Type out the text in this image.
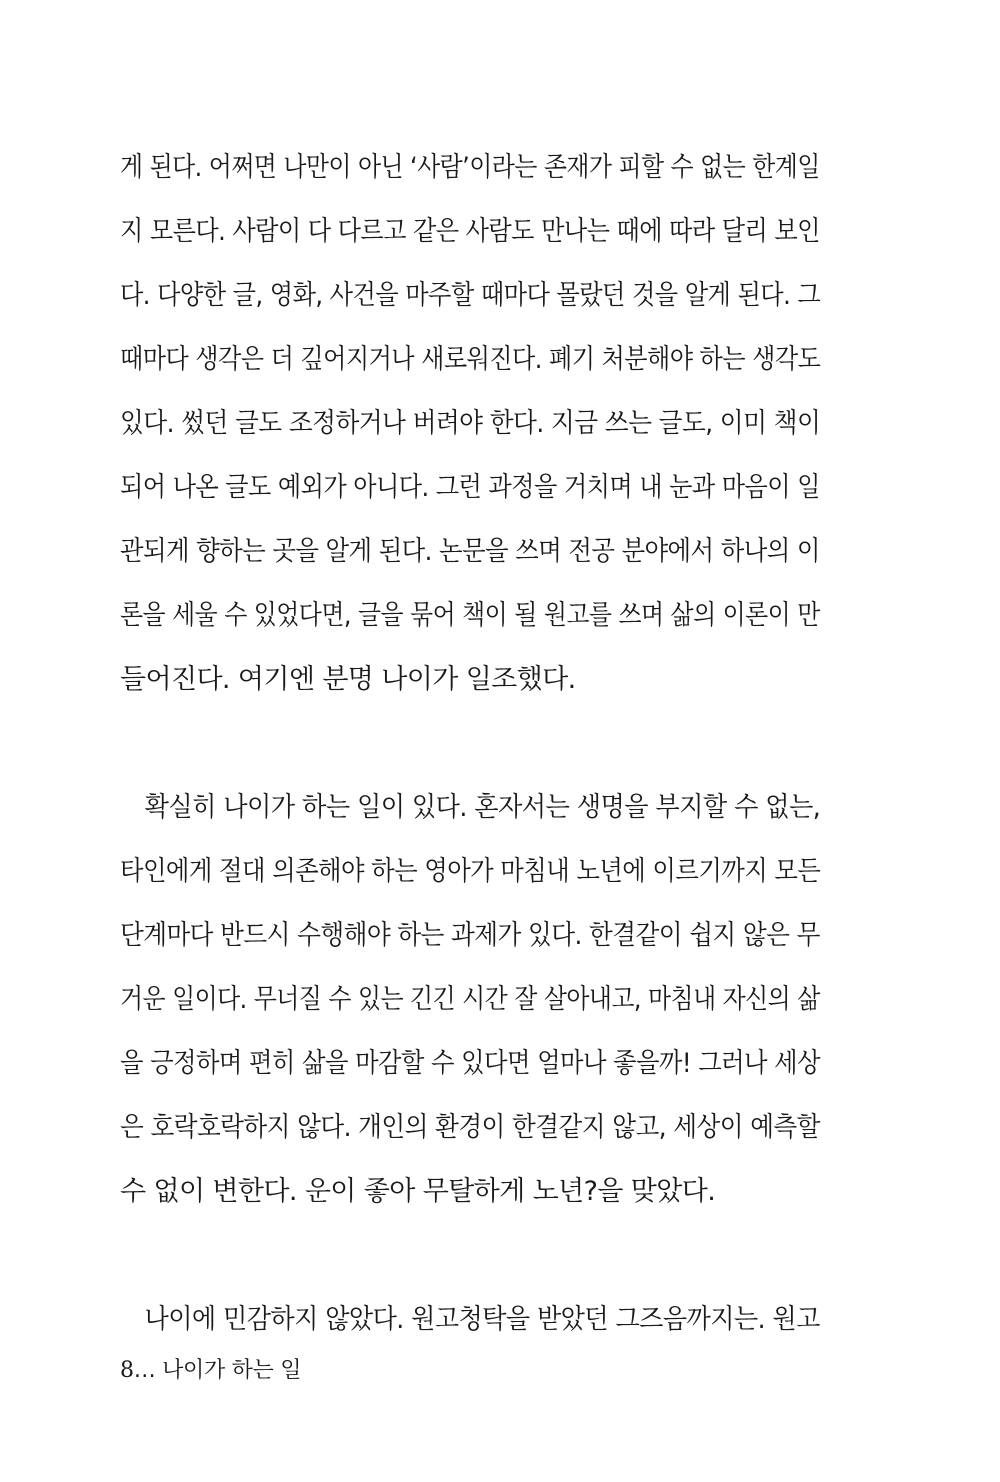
게 된다. 어쩌면 나만이 아닌 ‘사람’이라는 존재가 피할 수 없는 한계일
지 모른다. 사람이 다 다르고 같은 사람도 만나는 때에 따라 달리 보인
다. 다양한 글, 영화, 사건을 마주할 때마다 몰랐던 것을 알게 된다. 그
때마다 생각은 더 깊어지거나 새로워진다. 폐기 처분해야 하는 생각도
있다. 썼던 글도 조정하거나 버려야 한다. 지금 쓰는 글도, 이미 책이
되어 나온 글도 예외가 아니다. 그런 과정을 거치며 내 눈과 마음이 일
관되게 향하는 곳을 알게 된다. 논문을 쓰며 전공 분야에서 하나의 이
론을 세울 수 있었다면, 글을 묶어 책이 될 원고를 쓰며 삶의 이론이 만
들어진다. 여기엔 분명 나이가 일조했다.
　확실히 나이가 하는 일이 있다. 혼자서는 생명을 부지할 수 없는,
타인에게 절대 의존해야 하는 영아가 마침내 노년에 이르기까지 모든
단계마다 반드시 수행해야 하는 과제가 있다. 한결같이 쉽지 않은 무
거운 일이다. 무너질 수 있는 긴긴 시간 잘 살아내고, 마침내 자신의 삶
을 긍정하며 편히 삶을 마감할 수 있다면 얼마나 좋을까! 그러나 세상
은 호락호락하지 않다. 개인의 환경이 한결같지 않고, 세상이 예측할
수 없이 변한다. 운이 좋아 무탈하게 노년?을 맞았다.
　나이에 민감하지 않았다. 원고청탁을 받았던 그즈음까지는. 원고
8… 나이가 하는 일
